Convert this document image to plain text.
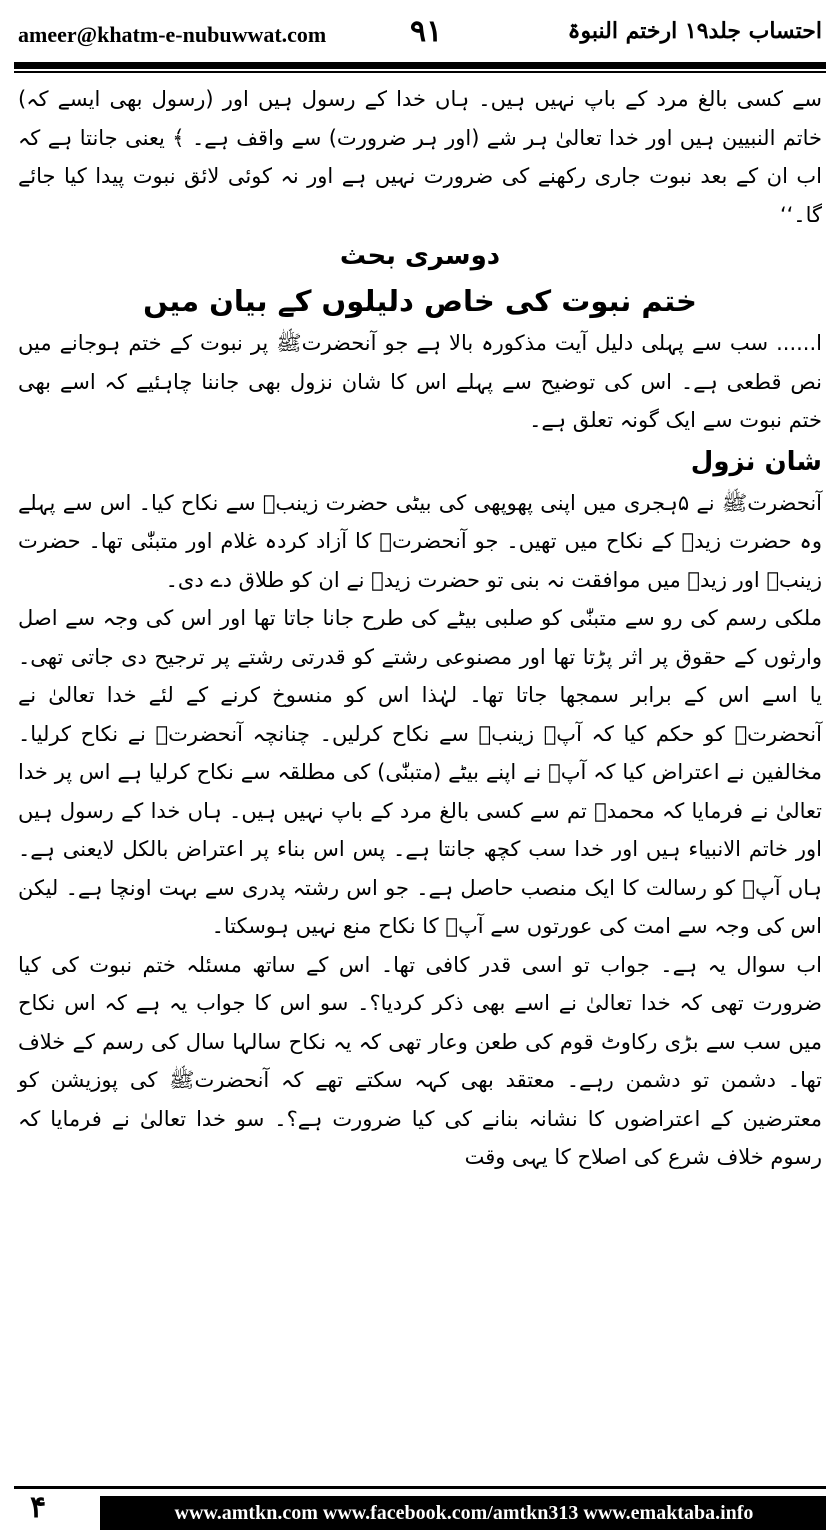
ameer@khatm-e-nubuwwat.com	۹۱	احتساب جلد۱۹ ارختم النبوۃ

سے کسی بالغ مرد کے باپ نہیں ہیں۔ ہاں خدا کے رسول ہیں اور (رسول بھی ایسے کہ) خاتم النبیین ہیں اور خدا تعالیٰ ہر شے (اور ہر ضرورت) سے واقف ہے۔ ﴾ یعنی جانتا ہے کہ اب ان کے بعد نبوت جاری رکھنے کی ضرورت نہیں ہے اور نہ کوئی لائق نبوت پیدا کیا جائے گا۔‘‘

دوسری بحث

ختم نبوت کی خاص دلیلوں کے بیان میں

ا...... سب سے پہلی دلیل آیت مذکورہ بالا ہے جو آنحضرتﷺ پر نبوت کے ختم ہوجانے میں نص قطعی ہے۔ اس کی توضیح سے پہلے اس کا شان نزول بھی جاننا چاہئیے کہ اسے بھی ختم نبوت سے ایک گونہ تعلق ہے۔

شان نزول

آنحضرتﷺ نے ۵ہجری میں اپنی پھوپھی کی بیٹی حضرت زینبؓ سے نکاح کیا۔ اس سے پہلے وہ حضرت زیدؓ کے نکاح میں تھیں۔ جو آنحضرتﷺ کا آزاد کردہ غلام اور متبنّٰی تھا۔ حضرت زینبؓ اور زیدؓ میں موافقت نہ بنی تو حضرت زیدؓ نے ان کو طلاق دے دی۔

ملکی رسم کی رو سے متبنّٰی کو صلبی بیٹے کی طرح جانا جاتا تھا اور اس کی وجہ سے اصل وارثوں کے حقوق پر اثر پڑتا تھا اور مصنوعی رشتے کو قدرتی رشتے پر ترجیح دی جاتی تھی۔ یا اسے اس کے برابر سمجھا جاتا تھا۔ لہٰذا اس کو منسوخ کرنے کے لئے خدا تعالیٰ نے آنحضرتﷺ کو حکم کیا کہ آپﷺ زینبؓ سے نکاح کرلیں۔ چنانچہ آنحضرتﷺ نے نکاح کرلیا۔ مخالفین نے اعتراض کیا کہ آپﷺ نے اپنے بیٹے (متبنّٰی) کی مطلقہ سے نکاح کرلیا ہے اس پر خدا تعالیٰ نے فرمایا کہ محمدﷺ تم سے کسی بالغ مرد کے باپ نہیں ہیں۔ ہاں خدا کے رسول ہیں اور خاتم الانبیاء ہیں اور خدا سب کچھ جانتا ہے۔ پس اس بناء پر اعتراض بالکل لایعنی ہے۔ ہاں آپؐ کو رسالت کا ایک منصب حاصل ہے۔ جو اس رشتہ پدری سے بہت اونچا ہے۔ لیکن اس کی وجہ سے امت کی عورتوں سے آپؐ کا نکاح منع نہیں ہوسکتا۔

اب سوال یہ ہے۔ جواب تو اسی قدر کافی تھا۔ اس کے ساتھ مسئلہ ختم نبوت کی کیا ضرورت تھی کہ خدا تعالیٰ نے اسے بھی ذکر کردیا؟۔ سو اس کا جواب یہ ہے کہ اس نکاح میں سب سے بڑی رکاوٹ قوم کی طعن وعار تھی کہ یہ نکاح سالہا سال کی رسم کے خلاف تھا۔ دشمن تو دشمن رہے۔ معتقد بھی کہہ سکتے تھے کہ آنحضرتﷺ کی پوزیشن کو معترضین کے اعتراضوں کا نشانہ بنانے کی کیا ضرورت ہے؟۔ سو خدا تعالیٰ نے فرمایا کہ رسوم خلاف شرع کی اصلاح کا یہی وقت

۴	www.amtkn.com www.facebook.com/amtkn313 www.emaktaba.info
